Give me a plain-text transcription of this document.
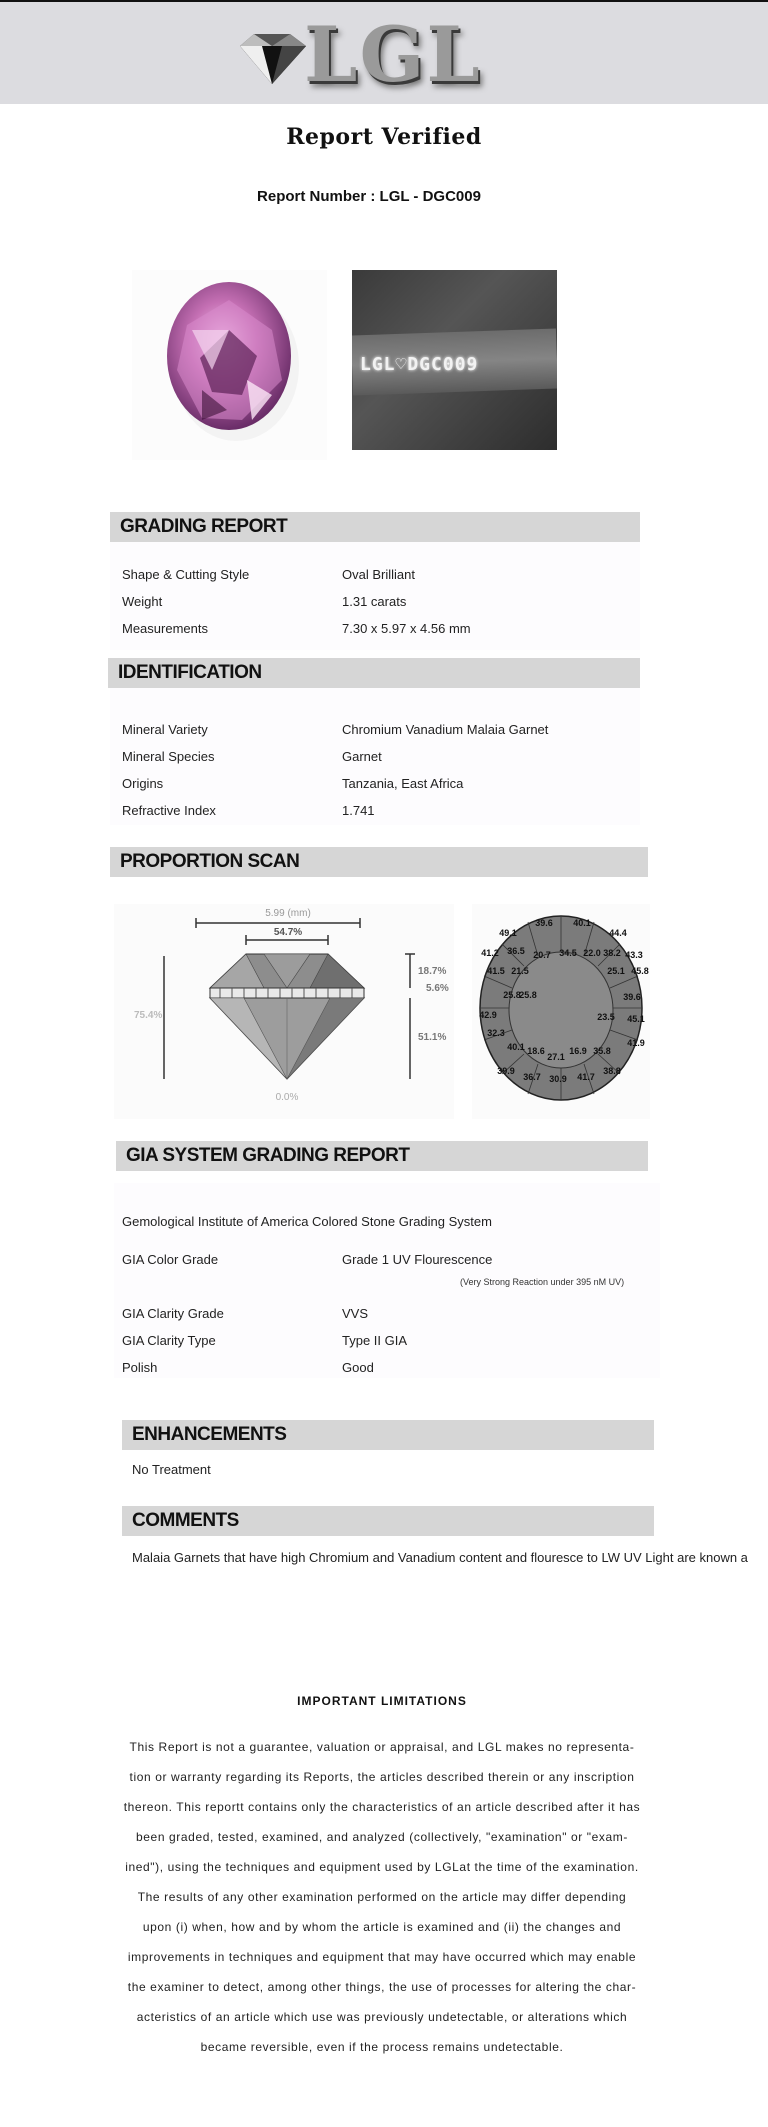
LGL
Report Verified
Report Number : LGL - DGC009
LGL♡DGC009
GRADING REPORT
Shape & Cutting Style	Oval Brilliant
Weight	1.31 carats
Measurements	7.30 x 5.97 x 4.56 mm
IDENTIFICATION
Mineral Variety	Chromium Vanadium Malaia Garnet
Mineral Species	Garnet
Origins	Tanzania, East Africa
Refractive Index	1.741
PROPORTION SCAN
5.99 (mm)
54.7%
75.4%
18.7%
5.6%
51.1%
0.0%
49.1
39.6 40.1
44.4
41.2 36.5 20.7 34.5 22.0 38.2 43.3
41.5 21.5	25.1 45.8
25.8
25.8	39.6
42.9	23.5 45.1
32.3
40.1 18.6
27.1
16.9 35.8
41.9
39.9
36.7 30.9 41.7
38.8
GIA SYSTEM GRADING REPORT
Gemological Institute of America Colored Stone Grading System
GIA Color Grade	Grade 1 UV Flourescence
(Very Strong Reaction under 395 nM UV)
GIA Clarity Grade	VVS
GIA Clarity Type	Type II GIA
Polish	Good
ENHANCEMENTS
No Treatment
COMMENTS
Malaia Garnets that have high Chromium and Vanadium content and flouresce to LW UV Light are known a
IMPORTANT LIMITATIONS
This Report is not a guarantee, valuation or appraisal, and LGL makes no representa-
tion or warranty regarding its Reports, the articles described therein or any inscription
thereon. This reportt contains only the characteristics of an article described after it has
been graded, tested, examined, and analyzed (collectively, "examination" or "exam-
ined"), using the techniques and equipment used by LGLat the time of the examination.
The results of any other examination performed on the article may differ depending
upon (i) when, how and by whom the article is examined and (ii) the changes and
improvements in techniques and equipment that may have occurred which may enable
the examiner to detect, among other things, the use of processes for altering the char-
acteristics of an article which use was previously undetectable, or alterations which
became reversible, even if the process remains undetectable.
